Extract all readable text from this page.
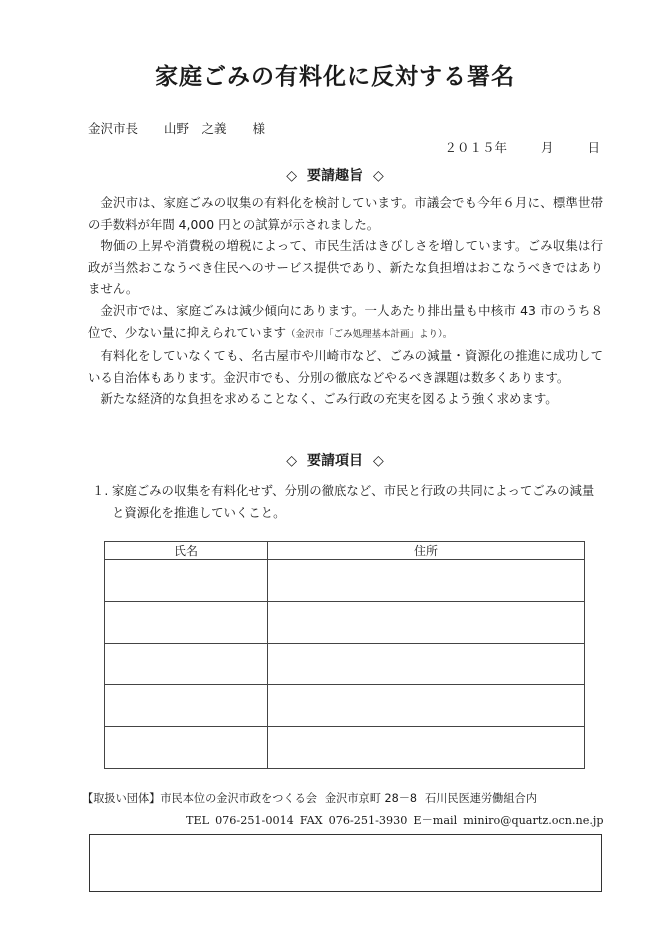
家庭ごみの有料化に反対する署名
金沢市長 山野　之義 様
２０１５年	月	日
◇ 要請趣旨 ◇

金沢市は、家庭ごみの収集の有料化を検討しています。市議会でも今年６月に、標準世帯の手数料が年間 4,000 円との試算が示されました。

物価の上昇や消費税の増税によって、市民生活はきびしさを増しています。ごみ収集は行政が当然おこなうべき住民へのサービス提供であり、新たな負担増はおこなうべきではありません。

金沢市では、家庭ごみは減少傾向にあります。一人あたり排出量も中核市 43 市のうち８位で、少ない量に抑えられています（金沢市「ごみ処理基本計画」より）。

有料化をしていなくても、名古屋市や川崎市など、ごみの減量・資源化の推進に成功している自治体もあります。金沢市でも、分別の徹底などやるべき課題は数多くあります。

新たな経済的な負担を求めることなく、ごみ行政の充実を図るよう強く求めます。

◇ 要請項目 ◇
１. 家庭ごみの収集を有料化せず、分別の徹底など、市民と行政の共同によってごみの減量と資源化を推進していくこと。
氏名	住所

【取扱い団体】市民本位の金沢市政をつくる会 金沢市京町 28－8 石川民医連労働組合内
TEL 076-251-0014 FAX 076-251-3930 E－mail miniro@quartz.ocn.ne.jp
